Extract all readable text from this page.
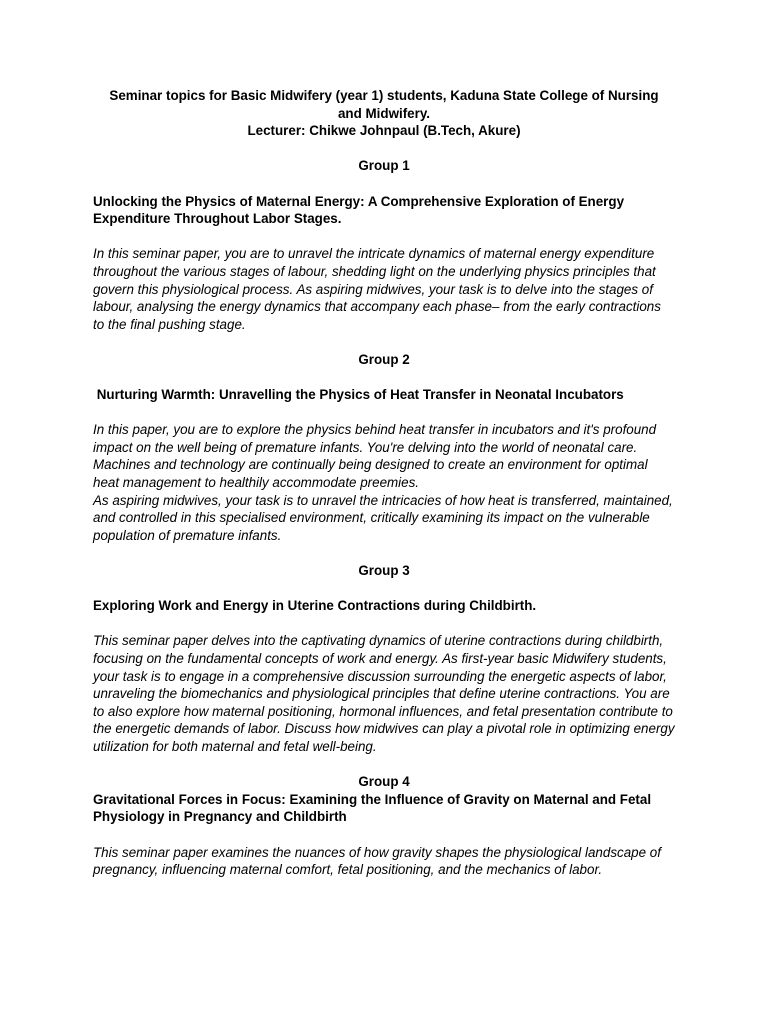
Seminar topics for Basic Midwifery (year 1) students, Kaduna State College of Nursing
and Midwifery.
Lecturer: Chikwe Johnpaul (B.Tech, Akure)
Group 1
Unlocking the Physics of Maternal Energy: A Comprehensive Exploration of Energy Expenditure Throughout Labor Stages.

In this seminar paper, you are to unravel the intricate dynamics of maternal energy expenditure throughout the various stages of labour, shedding light on the underlying physics principles that govern this physiological process. As aspiring midwives, your task is to delve into the stages of labour, analysing the energy dynamics that accompany each phase– from the early contractions to the final pushing stage.

Group 2
Nurturing Warmth: Unravelling the Physics of Heat Transfer in Neonatal Incubators

In this paper, you are to explore the physics behind heat transfer in incubators and it's profound impact on the well being of premature infants. You're delving into the world of neonatal care. Machines and technology are continually being designed to create an environment for optimal heat management to healthily accommodate preemies.

As aspiring midwives, your task is to unravel the intricacies of how heat is transferred, maintained, and controlled in this specialised environment, critically examining its impact on the vulnerable population of premature infants.

Group 3
Exploring Work and Energy in Uterine Contractions during Childbirth.

This seminar paper delves into the captivating dynamics of uterine contractions during childbirth, focusing on the fundamental concepts of work and energy. As first-year basic Midwifery students, your task is to engage in a comprehensive discussion surrounding the energetic aspects of labor, unraveling the biomechanics and physiological principles that define uterine contractions. You are to also explore how maternal positioning, hormonal influences, and fetal presentation contribute to the energetic demands of labor. Discuss how midwives can play a pivotal role in optimizing energy utilization for both maternal and fetal well-being.

Group 4
Gravitational Forces in Focus: Examining the Influence of Gravity on Maternal and Fetal Physiology in Pregnancy and Childbirth

This seminar paper examines the nuances of how gravity shapes the physiological landscape of pregnancy, influencing maternal comfort, fetal positioning, and the mechanics of labor.
